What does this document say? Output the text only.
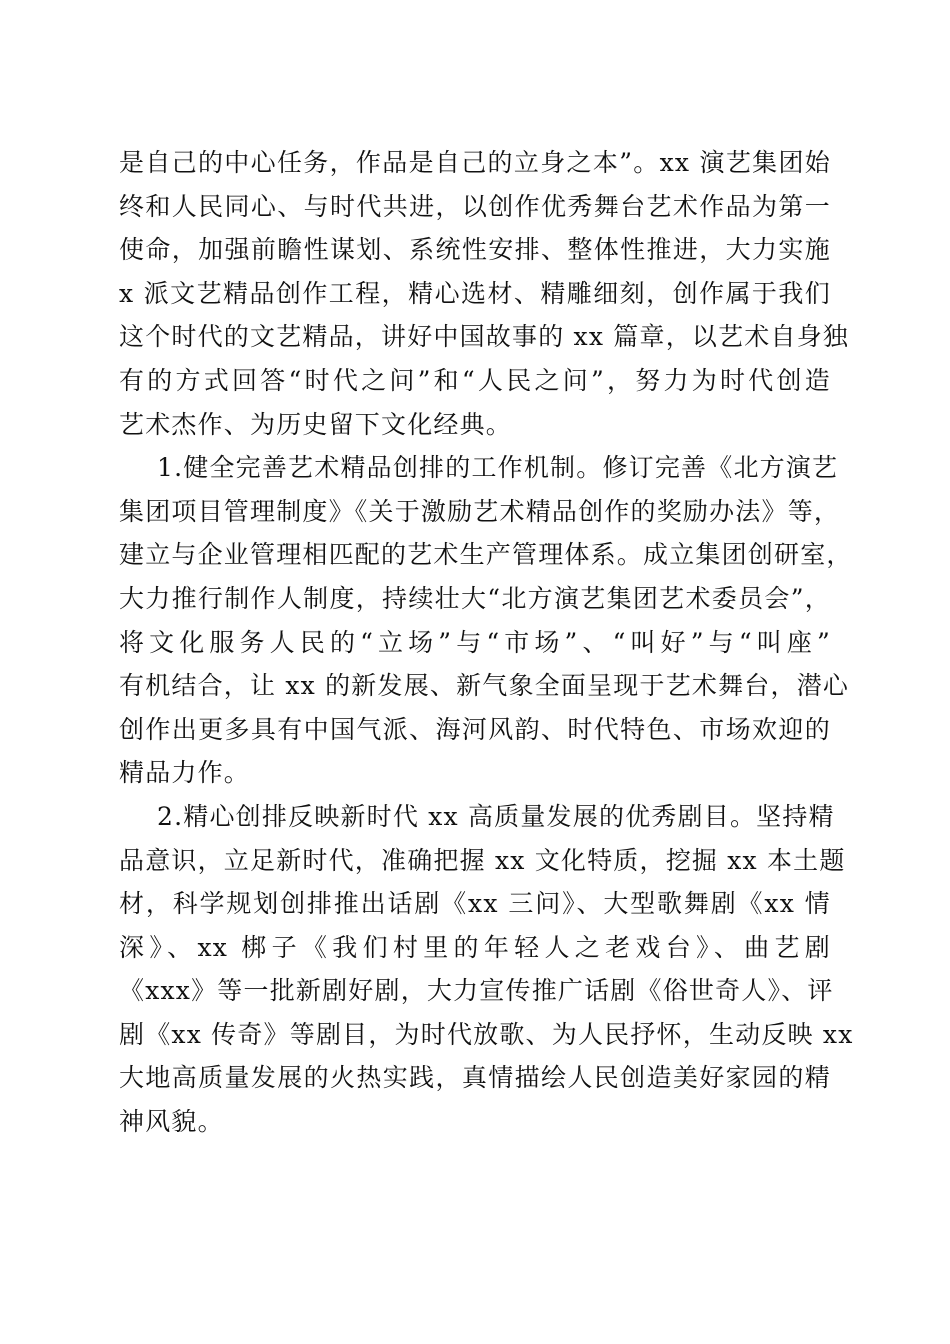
是自己的中心任务，作品是自己的立身之本”。xx 演艺集团始
终和人民同心、与时代共进，以创作优秀舞台艺术作品为第一
使命，加强前瞻性谋划、系统性安排、整体性推进，大力实施
x 派文艺精品创作工程，精心选材、精雕细刻，创作属于我们
这个时代的文艺精品，讲好中国故事的 xx 篇章，以艺术自身独
有的方式回答“时代之问”和“人民之问”，努力为时代创造
艺术杰作、为历史留下文化经典。
1.健全完善艺术精品创排的工作机制。修订完善《北方演艺
集团项目管理制度》《关于激励艺术精品创作的奖励办法》等，
建立与企业管理相匹配的艺术生产管理体系。成立集团创研室，
大力推行制作人制度，持续壮大“北方演艺集团艺术委员会”，
将文化服务人民的“立场”与“市场”、“叫好”与“叫座”
有机结合，让 xx 的新发展、新气象全面呈现于艺术舞台，潜心
创作出更多具有中国气派、海河风韵、时代特色、市场欢迎的
精品力作。
2.精心创排反映新时代 xx 高质量发展的优秀剧目。坚持精
品意识，立足新时代，准确把握 xx 文化特质，挖掘 xx 本土题
材，科学规划创排推出话剧《xx 三问》、大型歌舞剧《xx 情
深》、xx 梆子《我们村里的年轻人之老戏台》、曲艺剧
《xxx》等一批新剧好剧，大力宣传推广话剧《俗世奇人》、评
剧《xx 传奇》等剧目，为时代放歌、为人民抒怀，生动反映 xx
大地高质量发展的火热实践，真情描绘人民创造美好家园的精
神风貌。
